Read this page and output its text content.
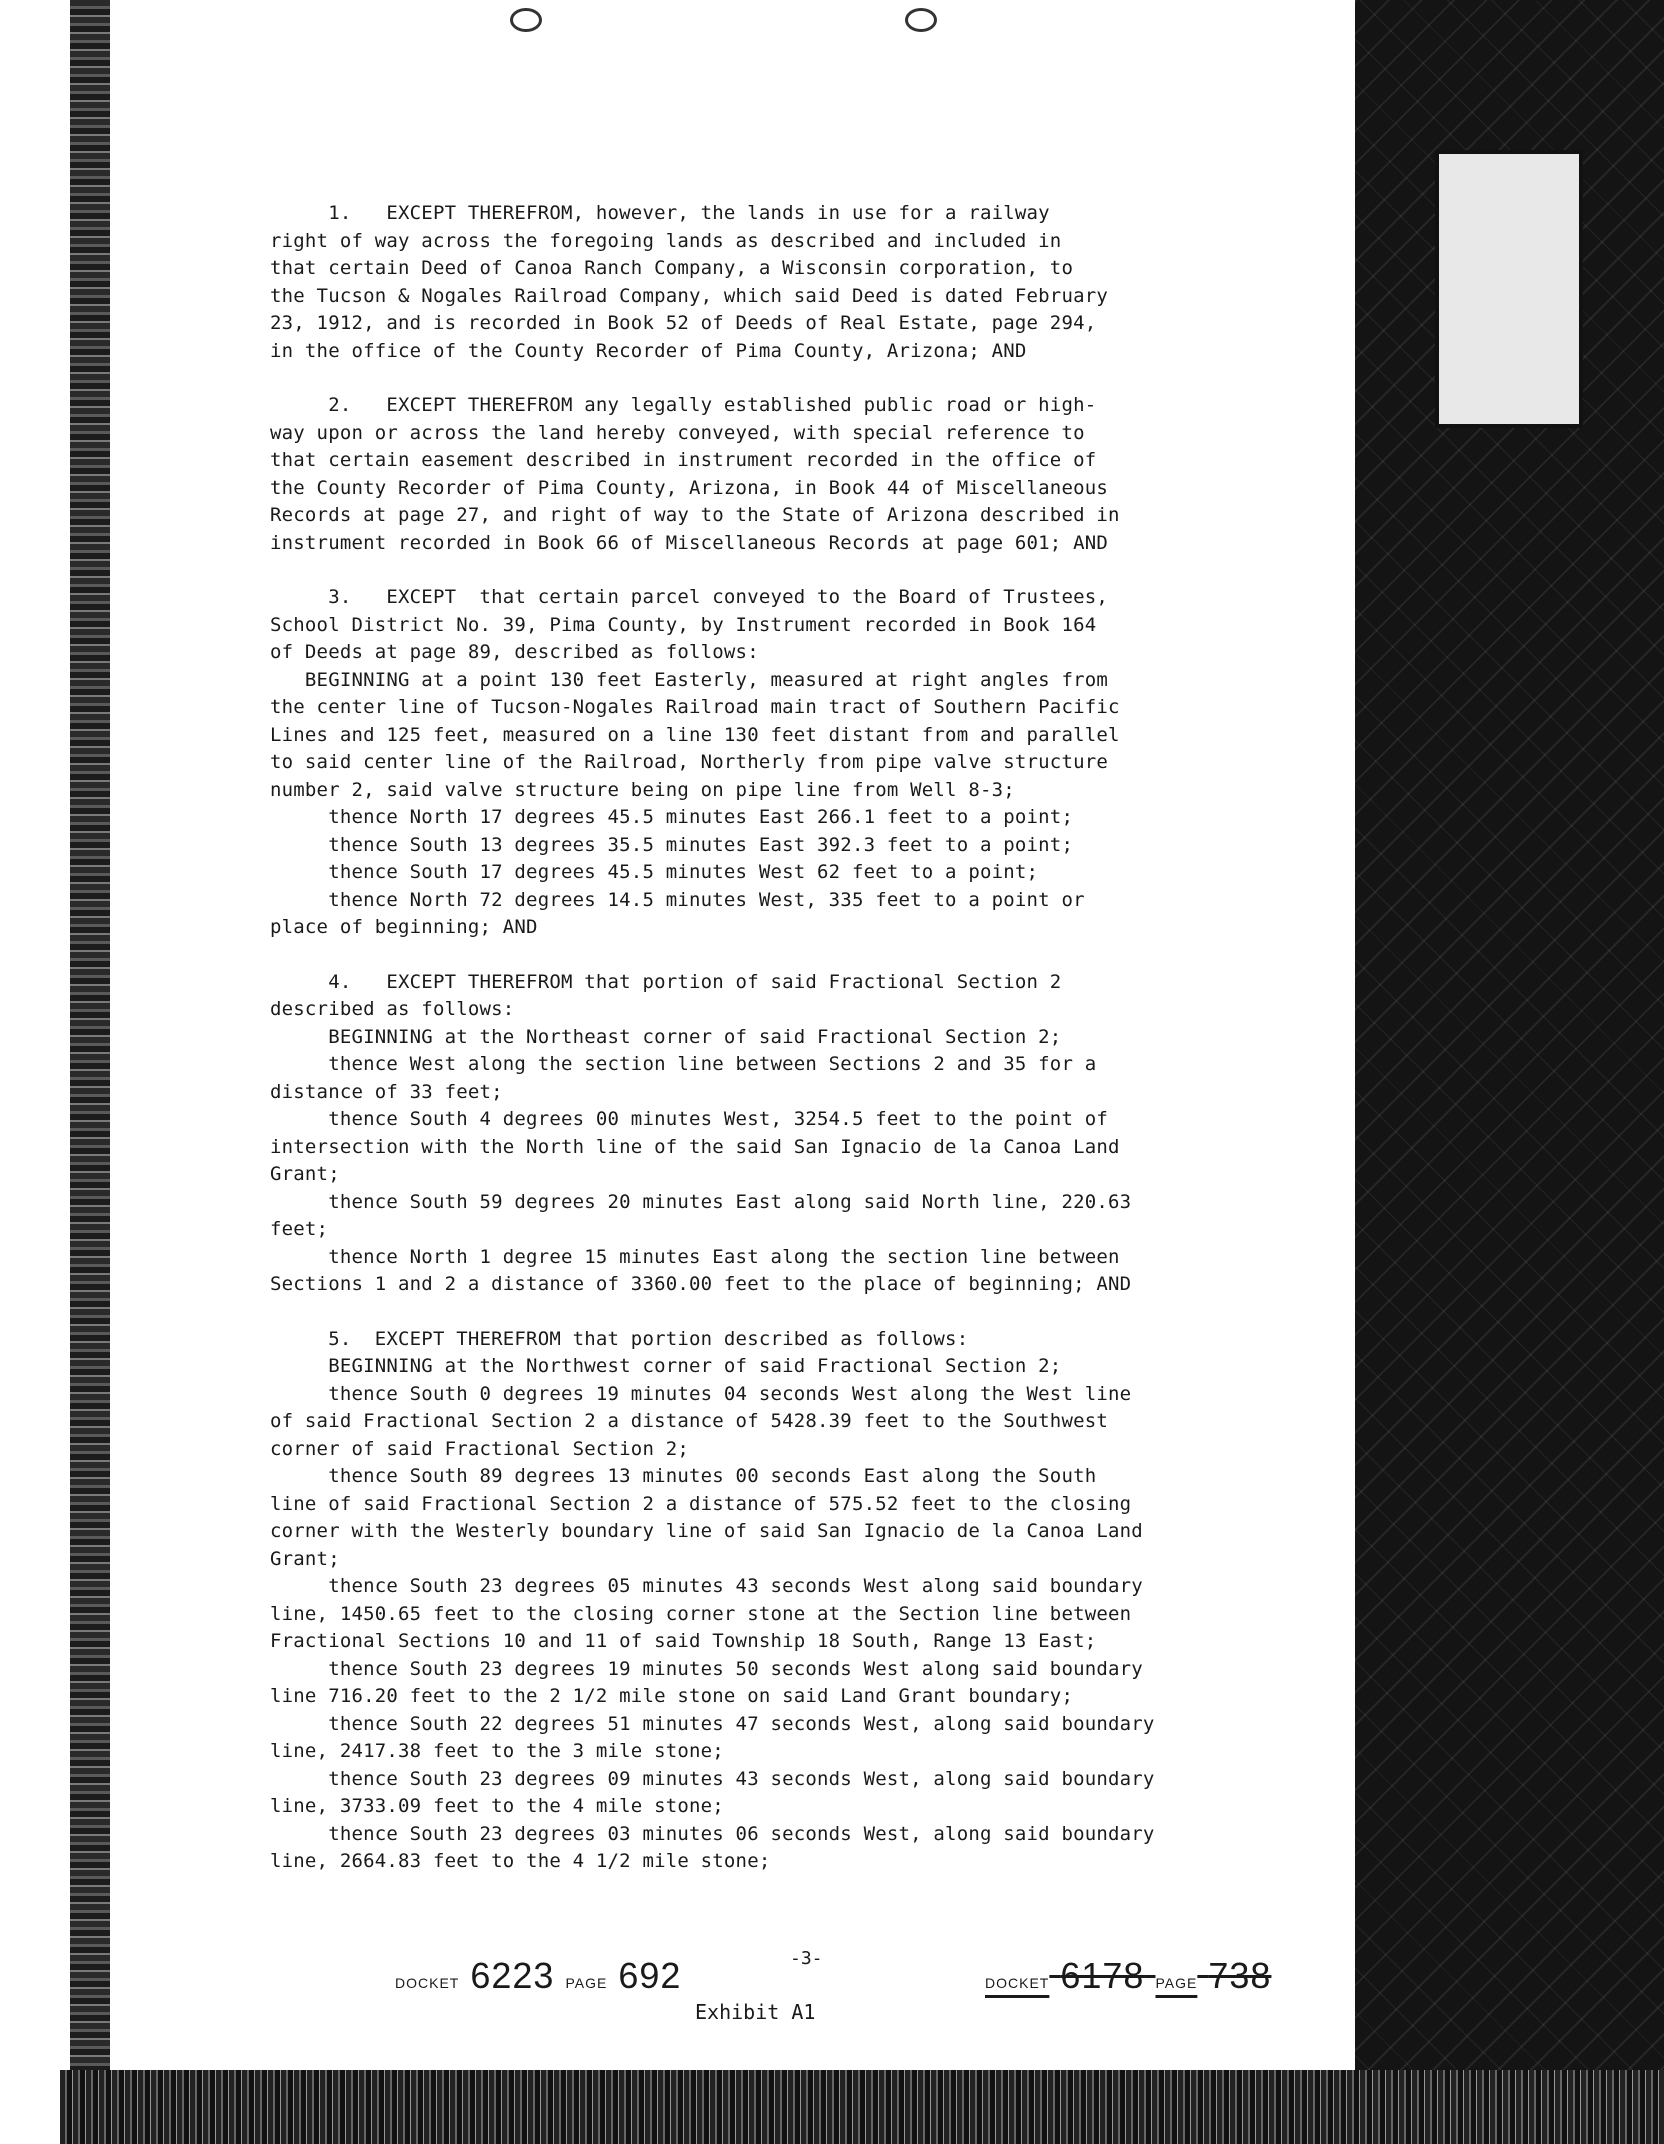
1.   EXCEPT THEREFROM, however, the lands in use for a railway
right of way across the foregoing lands as described and included in
that certain Deed of Canoa Ranch Company, a Wisconsin corporation, to
the Tucson & Nogales Railroad Company, which said Deed is dated February
23, 1912, and is recorded in Book 52 of Deeds of Real Estate, page 294,
in the office of the County Recorder of Pima County, Arizona; AND
2.   EXCEPT THEREFROM any legally established public road or high-
way upon or across the land hereby conveyed, with special reference to
that certain easement described in instrument recorded in the office of
the County Recorder of Pima County, Arizona, in Book 44 of Miscellaneous
Records at page 27, and right of way to the State of Arizona described in
instrument recorded in Book 66 of Miscellaneous Records at page 601; AND
3.   EXCEPT  that certain parcel conveyed to the Board of Trustees,
School District No. 39, Pima County, by Instrument recorded in Book 164
of Deeds at page 89, described as follows:
BEGINNING at a point 130 feet Easterly, measured at right angles from
the center line of Tucson-Nogales Railroad main tract of Southern Pacific
Lines and 125 feet, measured on a line 130 feet distant from and parallel
to said center line of the Railroad, Northerly from pipe valve structure
number 2, said valve structure being on pipe line from Well 8-3;
thence North 17 degrees 45.5 minutes East 266.1 feet to a point;
thence South 13 degrees 35.5 minutes East 392.3 feet to a point;
thence South 17 degrees 45.5 minutes West 62 feet to a point;
thence North 72 degrees 14.5 minutes West, 335 feet to a point or
place of beginning; AND
4.   EXCEPT THEREFROM that portion of said Fractional Section 2
described as follows:
BEGINNING at the Northeast corner of said Fractional Section 2;
thence West along the section line between Sections 2 and 35 for a
distance of 33 feet;
thence South 4 degrees 00 minutes West, 3254.5 feet to the point of
intersection with the North line of the said San Ignacio de la Canoa Land
Grant;
thence South 59 degrees 20 minutes East along said North line, 220.63
feet;
thence North 1 degree 15 minutes East along the section line between
Sections 1 and 2 a distance of 3360.00 feet to the place of beginning; AND
5.  EXCEPT THEREFROM that portion described as follows:
BEGINNING at the Northwest corner of said Fractional Section 2;
thence South 0 degrees 19 minutes 04 seconds West along the West line
of said Fractional Section 2 a distance of 5428.39 feet to the Southwest
corner of said Fractional Section 2;
thence South 89 degrees 13 minutes 00 seconds East along the South
line of said Fractional Section 2 a distance of 575.52 feet to the closing
corner with the Westerly boundary line of said San Ignacio de la Canoa Land
Grant;
thence South 23 degrees 05 minutes 43 seconds West along said boundary
line, 1450.65 feet to the closing corner stone at the Section line between
Fractional Sections 10 and 11 of said Township 18 South, Range 13 East;
thence South 23 degrees 19 minutes 50 seconds West along said boundary
line 716.20 feet to the 2 1/2 mile stone on said Land Grant boundary;
thence South 22 degrees 51 minutes 47 seconds West, along said boundary
line, 2417.38 feet to the 3 mile stone;
thence South 23 degrees 09 minutes 43 seconds West, along said boundary
line, 3733.09 feet to the 4 mile stone;
thence South 23 degrees 03 minutes 06 seconds West, along said boundary
line, 2664.83 feet to the 4 1/2 mile stone;
DOCKET 6223 PAGE 692	-3-
DOCKET 6178 PAGE 738
Exhibit A1
